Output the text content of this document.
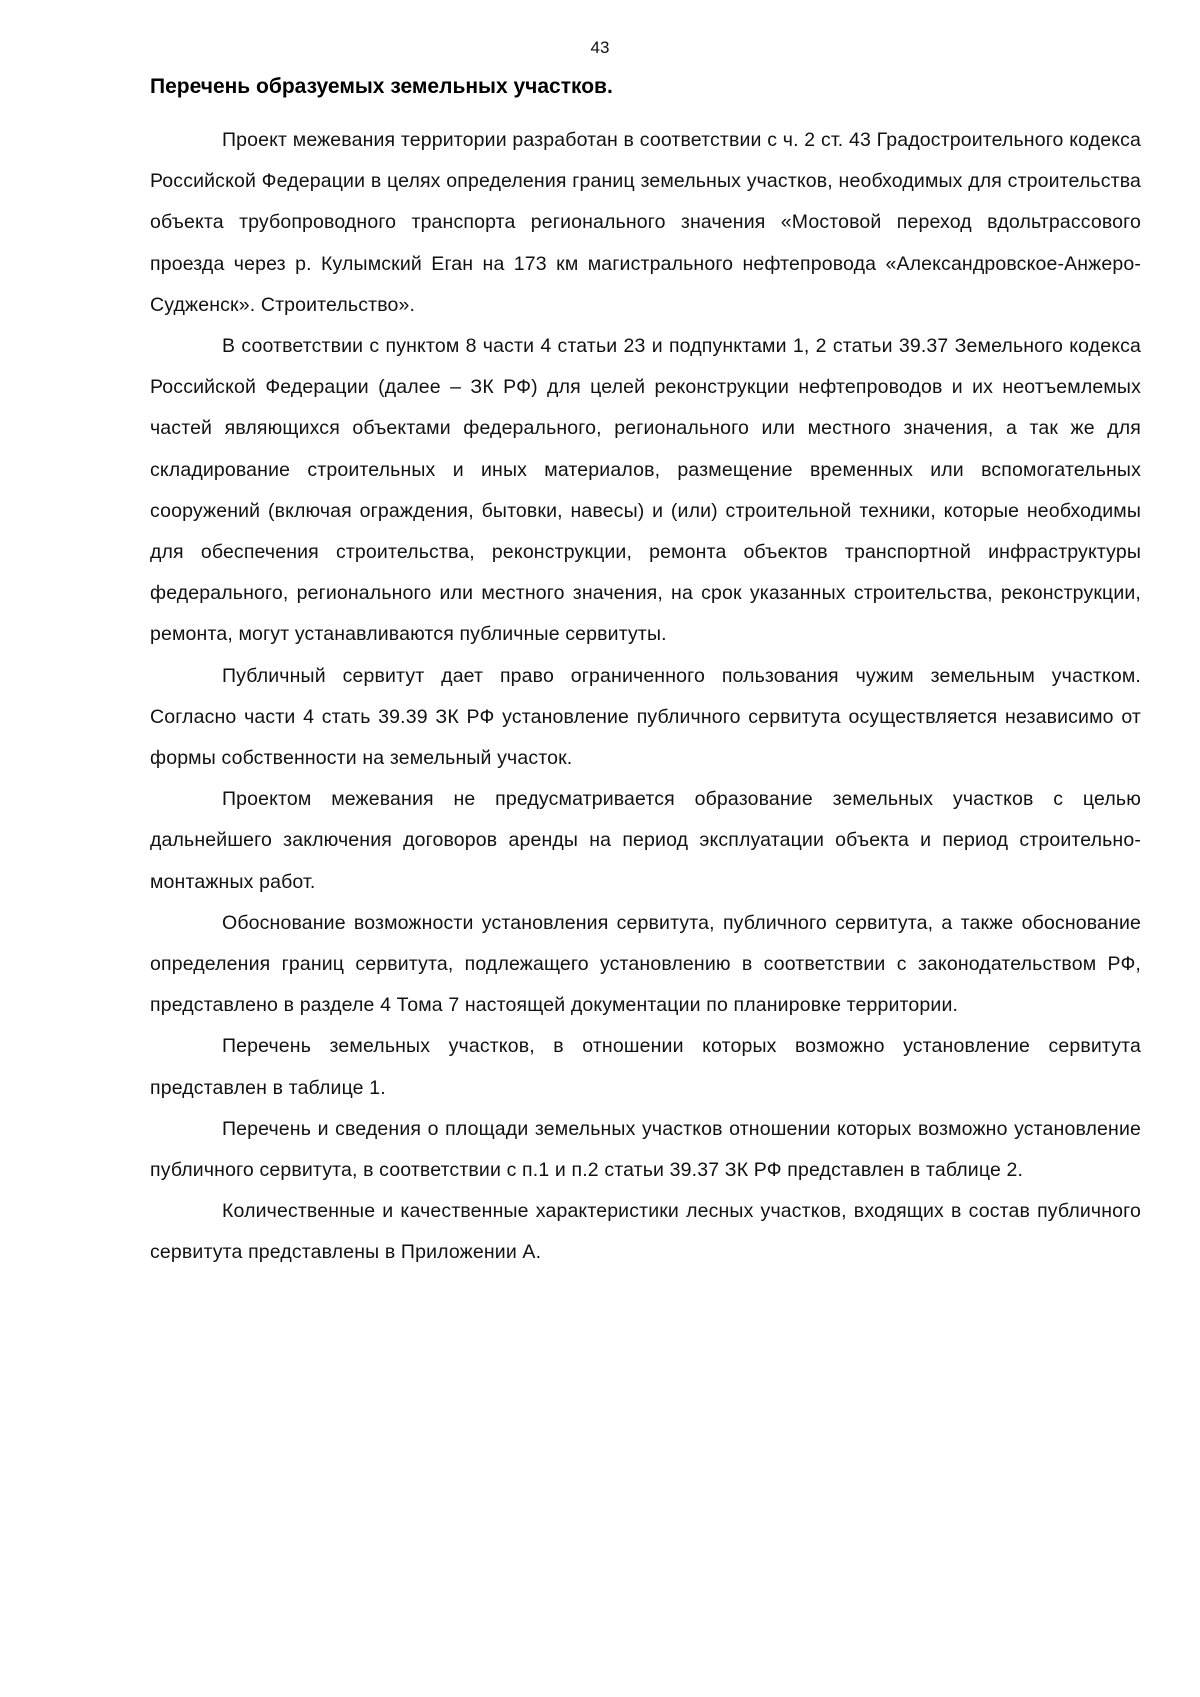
43
Перечень образуемых земельных участков.

Проект межевания территории разработан в соответствии с ч. 2 ст. 43 Градостроительного кодекса Российской Федерации в целях определения границ земельных участков, необходимых для строительства объекта трубопроводного транспорта регионального значения «Мостовой переход вдольтрассового проезда через р. Кулымский Еган на 173 км магистрального нефтепровода «Александровское-Анжеро-Судженск». Строительство».

В соответствии с пунктом 8 части 4 статьи 23 и подпунктами 1, 2 статьи 39.37 Земельного кодекса Российской Федерации (далее – ЗК РФ) для целей реконструкции нефтепроводов и их неотъемлемых частей являющихся объектами федерального, регионального или местного значения, а так же для складирование строительных и иных материалов, размещение временных или вспомогательных сооружений (включая ограждения, бытовки, навесы) и (или) строительной техники, которые необходимы для обеспечения строительства, реконструкции, ремонта объектов транспортной инфраструктуры федерального, регионального или местного значения, на срок указанных строительства, реконструкции, ремонта, могут устанавливаются публичные сервитуты.

Публичный сервитут дает право ограниченного пользования чужим земельным участком. Согласно части 4 стать 39.39 ЗК РФ установление публичного сервитута осуществляется независимо от формы собственности на земельный участок.

Проектом межевания не предусматривается образование земельных участков с целью дальнейшего заключения договоров аренды на период эксплуатации объекта и период строительно-монтажных работ.

Обоснование возможности установления сервитута, публичного сервитута, а также обоснование определения границ сервитута, подлежащего установлению в соответствии с законодательством РФ, представлено в разделе 4 Тома 7 настоящей документации по планировке территории.

Перечень земельных участков, в отношении которых возможно установление сервитута представлен в таблице 1.

Перечень и сведения о площади земельных участков отношении которых возможно установление публичного сервитута, в соответствии с п.1 и п.2 статьи 39.37 ЗК РФ представлен в таблице 2.

Количественные и качественные характеристики лесных участков, входящих в состав публичного сервитута представлены в Приложении А.
